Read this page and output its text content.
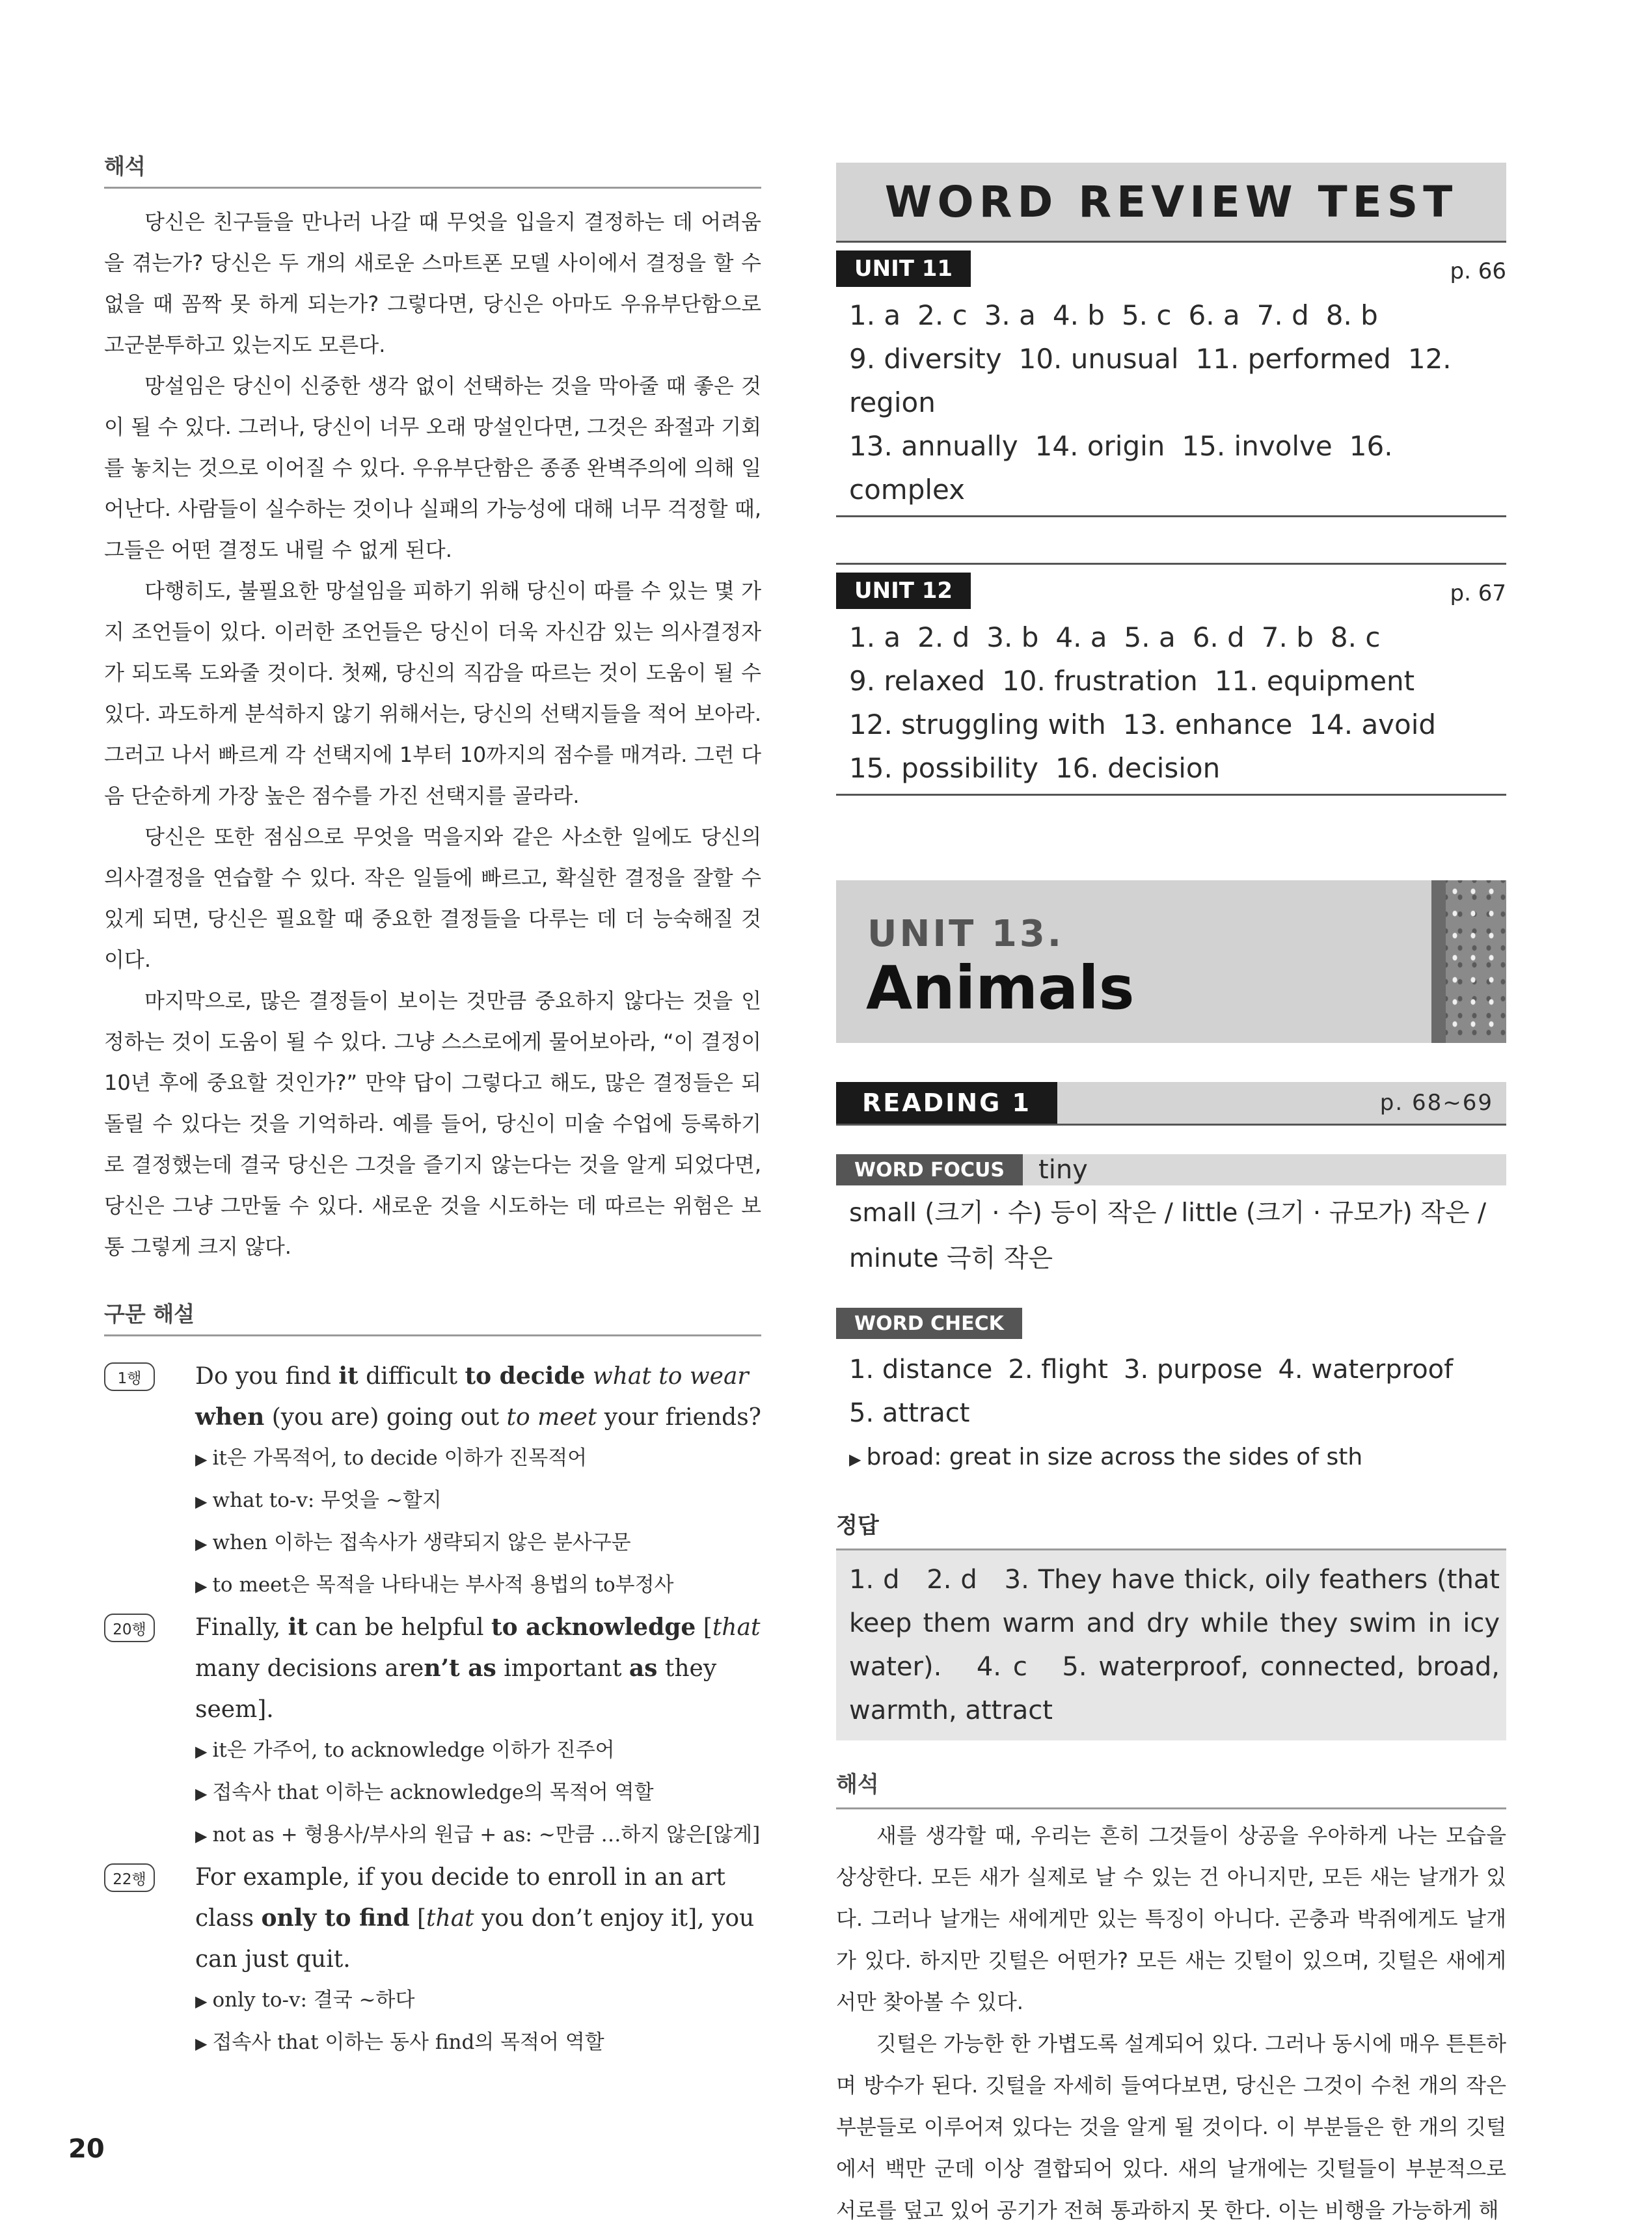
해석

당신은 친구들을 만나러 나갈 때 무엇을 입을지 결정하는 데 어려움을 겪는가? 당신은 두 개의 새로운 스마트폰 모델 사이에서 결정을 할 수 없을 때 꼼짝 못 하게 되는가? 그렇다면, 당신은 아마도 우유부단함으로 고군분투하고 있는지도 모른다.

망설임은 당신이 신중한 생각 없이 선택하는 것을 막아줄 때 좋은 것이 될 수 있다. 그러나, 당신이 너무 오래 망설인다면, 그것은 좌절과 기회를 놓치는 것으로 이어질 수 있다. 우유부단함은 종종 완벽주의에 의해 일어난다. 사람들이 실수하는 것이나 실패의 가능성에 대해 너무 걱정할 때, 그들은 어떤 결정도 내릴 수 없게 된다.

다행히도, 불필요한 망설임을 피하기 위해 당신이 따를 수 있는 몇 가지 조언들이 있다. 이러한 조언들은 당신이 더욱 자신감 있는 의사결정자가 되도록 도와줄 것이다. 첫째, 당신의 직감을 따르는 것이 도움이 될 수 있다. 과도하게 분석하지 않기 위해서는, 당신의 선택지들을 적어 보아라. 그러고 나서 빠르게 각 선택지에 1부터 10까지의 점수를 매겨라. 그런 다음 단순하게 가장 높은 점수를 가진 선택지를 골라라.

당신은 또한 점심으로 무엇을 먹을지와 같은 사소한 일에도 당신의 의사결정을 연습할 수 있다. 작은 일들에 빠르고, 확실한 결정을 잘할 수 있게 되면, 당신은 필요할 때 중요한 결정들을 다루는 데 더 능숙해질 것이다.

마지막으로, 많은 결정들이 보이는 것만큼 중요하지 않다는 것을 인정하는 것이 도움이 될 수 있다. 그냥 스스로에게 물어보아라, “이 결정이 10년 후에 중요할 것인가?” 만약 답이 그렇다고 해도, 많은 결정들은 되돌릴 수 있다는 것을 기억하라. 예를 들어, 당신이 미술 수업에 등록하기로 결정했는데 결국 당신은 그것을 즐기지 않는다는 것을 알게 되었다면, 당신은 그냥 그만둘 수 있다. 새로운 것을 시도하는 데 따르는 위험은 보통 그렇게 크지 않다.

구문 해설
1행	Do you find it difficult to decide what to wear when (you are) going out to meet your friends?
▶ it은 가목적어, to decide 이하가 진목적어
▶ what to-v: 무엇을 ~할지
▶ when 이하는 접속사가 생략되지 않은 분사구문
▶ to meet은 목적을 나타내는 부사적 용법의 to부정사
20행	Finally, it can be helpful to acknowledge [that many decisions aren’t as important as they seem].
▶ it은 가주어, to acknowledge 이하가 진주어
▶ 접속사 that 이하는 acknowledge의 목적어 역할
▶ not as + 형용사/부사의 원급 + as: ~만큼 …하지 않은[않게]
22행	For example, if you decide to enroll in an art class only to find [that you don’t enjoy it], you can just quit.
▶ only to-v: 결국 ~하다
▶ 접속사 that 이하는 동사 find의 목적어 역할
WORD REVIEW TEST
UNIT 11	p. 66
1. a 2. c 3. a 4. b 5. c 6. a 7. d 8. b
9. diversity 10. unusual 11. performed 12. region
13. annually 14. origin 15. involve 16. complex
UNIT 12	p. 67
1. a 2. d 3. b 4. a 5. a 6. d 7. b 8. c
9. relaxed 10. frustration 11. equipment
12. struggling with 13. enhance 14. avoid
15. possibility 16. decision
UNIT 13.
Animals
READING 1	p. 68~69
WORD FOCUS	tiny
small (크기 · 수) 등이 작은 / little (크기 · 규모가) 작은 / minute 극히 작은
WORD CHECK
1. distance 2. flight 3. purpose 4. waterproof
5. attract
▶ broad: great in size across the sides of sth
정답
1. d   2. d   3. They have thick, oily feathers (that keep them warm and dry while they swim in icy water).   4. c   5. waterproof, connected, broad, warmth, attract
해석

새를 생각할 때, 우리는 흔히 그것들이 상공을 우아하게 나는 모습을 상상한다. 모든 새가 실제로 날 수 있는 건 아니지만, 모든 새는 날개가 있다. 그러나 날개는 새에게만 있는 특징이 아니다. 곤충과 박쥐에게도 날개가 있다. 하지만 깃털은 어떤가? 모든 새는 깃털이 있으며, 깃털은 새에게서만 찾아볼 수 있다.

깃털은 가능한 한 가볍도록 설계되어 있다. 그러나 동시에 매우 튼튼하며 방수가 된다. 깃털을 자세히 들여다보면, 당신은 그것이 수천 개의 작은 부분들로 이루어져 있다는 것을 알게 될 것이다. 이 부분들은 한 개의 깃털에서 백만 군데 이상 결합되어 있다. 새의 날개에는 깃털들이 부분적으로 서로를 덮고 있어 공기가 전혀 통과하지 못 한다. 이는 비행을 가능하게 해

20
